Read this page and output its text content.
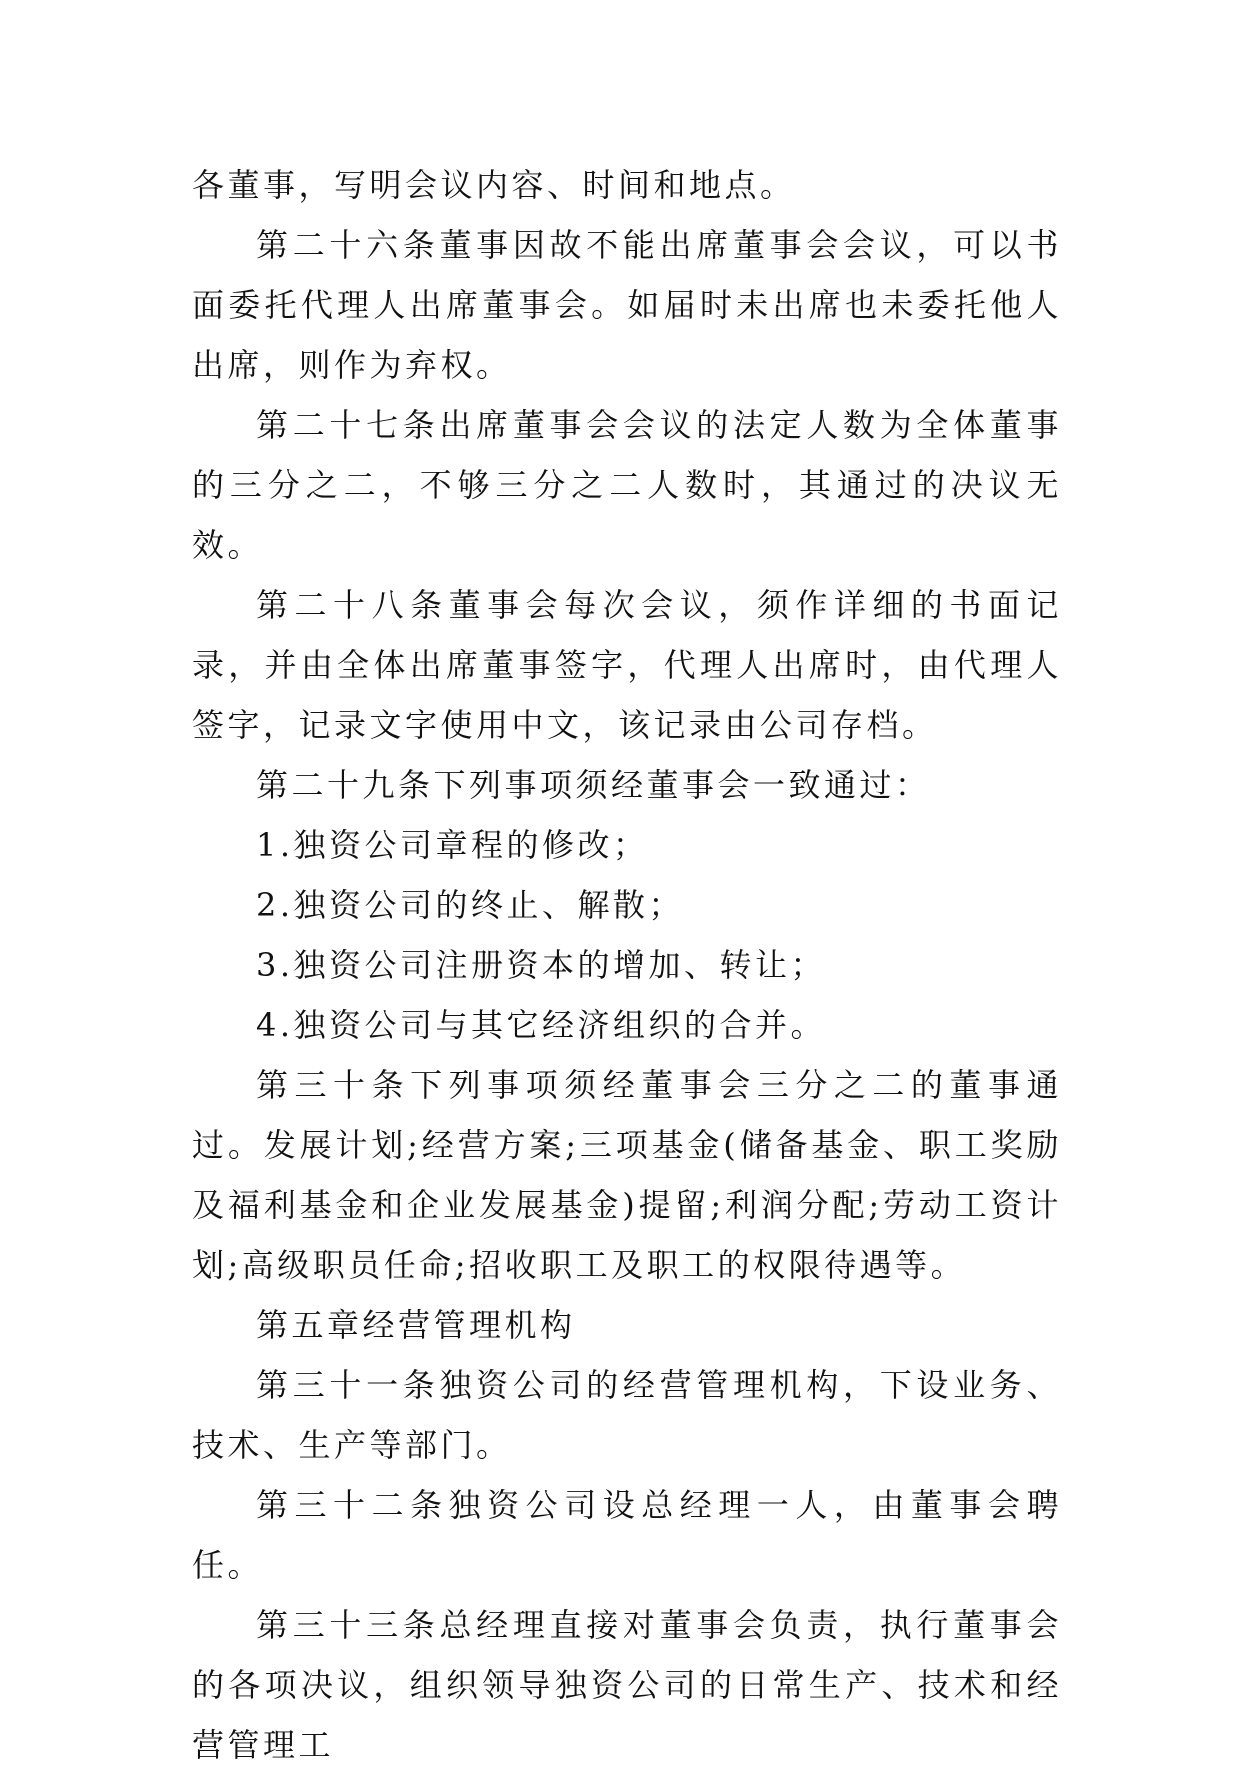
各董事，写明会议内容、时间和地点。

第二十六条董事因故不能出席董事会会议，可以书面委托代理人出席董事会。如届时未出席也未委托他人出席，则作为弃权。

第二十七条出席董事会会议的法定人数为全体董事的三分之二，不够三分之二人数时，其通过的决议无效。

第二十八条董事会每次会议，须作详细的书面记录，并由全体出席董事签字，代理人出席时，由代理人签字，记录文字使用中文，该记录由公司存档。

第二十九条下列事项须经董事会一致通过：

1.独资公司章程的修改；

2.独资公司的终止、解散；

3.独资公司注册资本的增加、转让；

4.独资公司与其它经济组织的合并。

第三十条下列事项须经董事会三分之二的董事通过。发展计划;经营方案;三项基金(储备基金、职工奖励及福利基金和企业发展基金)提留;利润分配;劳动工资计划;高级职员任命;招收职工及职工的权限待遇等。

第五章经营管理机构

第三十一条独资公司的经营管理机构，下设业务、技术、生产等部门。

第三十二条独资公司设总经理一人，由董事会聘任。

第三十三条总经理直接对董事会负责，执行董事会的各项决议，组织领导独资公司的日常生产、技术和经营管理工
